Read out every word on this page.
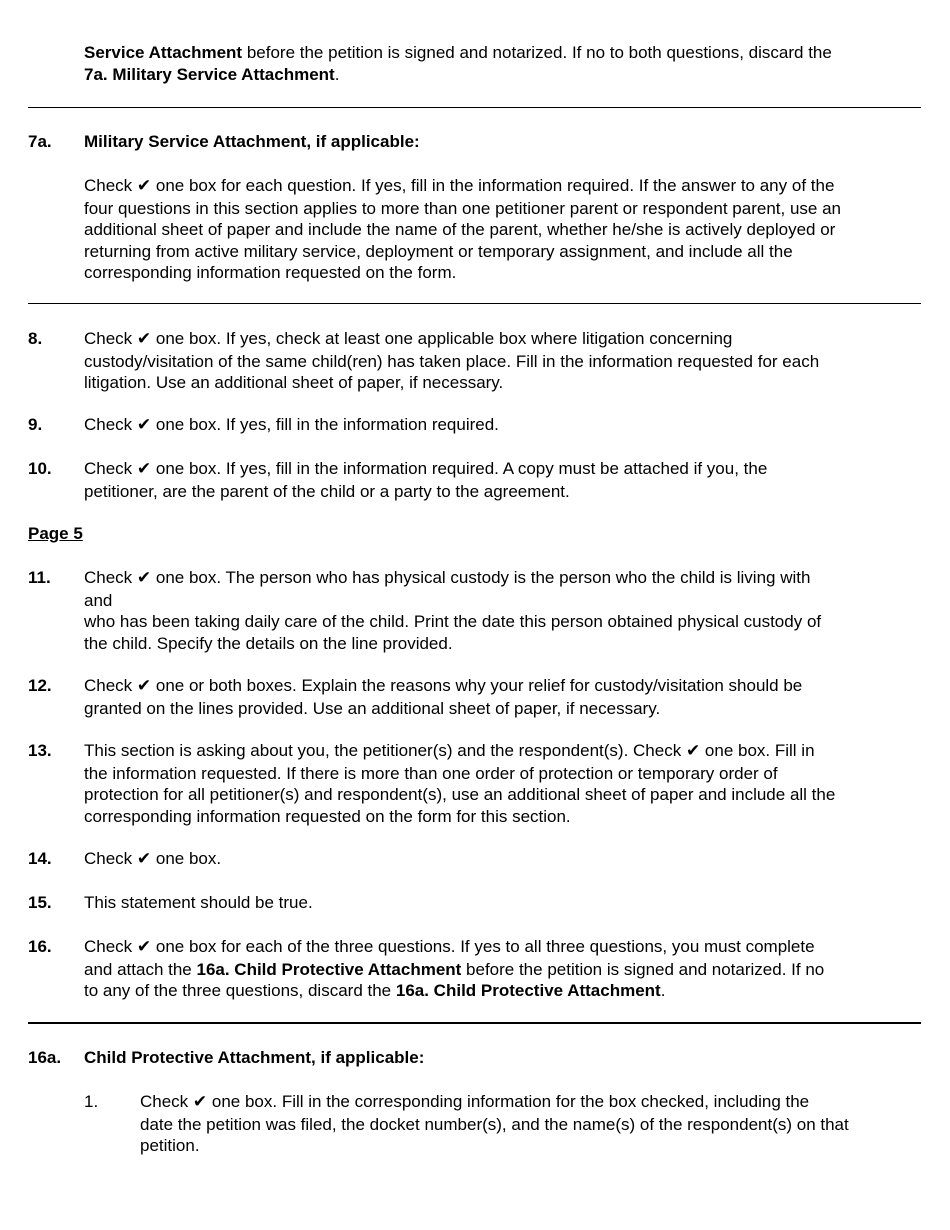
Service Attachment before the petition is signed and notarized. If no to both questions, discard the
7a. Military Service Attachment.
7a. Military Service Attachment, if applicable:
Check ✔ one box for each question. If yes, fill in the information required. If the answer to any of the
four questions in this section applies to more than one petitioner parent or respondent parent, use an
additional sheet of paper and include the name of the parent, whether he/she is actively deployed or
returning from active military service, deployment or temporary assignment, and include all the
corresponding information requested on the form.
8. Check ✔ one box. If yes, check at least one applicable box where litigation concerning
custody/visitation of the same child(ren) has taken place. Fill in the information requested for each
litigation. Use an additional sheet of paper, if necessary.
9. Check ✔ one box. If yes, fill in the information required.
10. Check ✔ one box. If yes, fill in the information required. A copy must be attached if you, the
petitioner, are the parent of the child or a party to the agreement.
Page 5
11. Check ✔ one box. The person who has physical custody is the person who the child is living with
and
who has been taking daily care of the child. Print the date this person obtained physical custody of
the child. Specify the details on the line provided.
12. Check ✔ one or both boxes. Explain the reasons why your relief for custody/visitation should be
granted on the lines provided. Use an additional sheet of paper, if necessary.
13. This section is asking about you, the petitioner(s) and the respondent(s). Check ✔ one box. Fill in
the information requested. If there is more than one order of protection or temporary order of
protection for all petitioner(s) and respondent(s), use an additional sheet of paper and include all the
corresponding information requested on the form for this section.
14. Check ✔ one box.
15. This statement should be true.
16. Check ✔ one box for each of the three questions. If yes to all three questions, you must complete
and attach the 16a. Child Protective Attachment before the petition is signed and notarized. If no
to any of the three questions, discard the 16a. Child Protective Attachment.
16a. Child Protective Attachment, if applicable:
1. Check ✔ one box. Fill in the corresponding information for the box checked, including the
date the petition was filed, the docket number(s), and the name(s) of the respondent(s) on that
petition.
